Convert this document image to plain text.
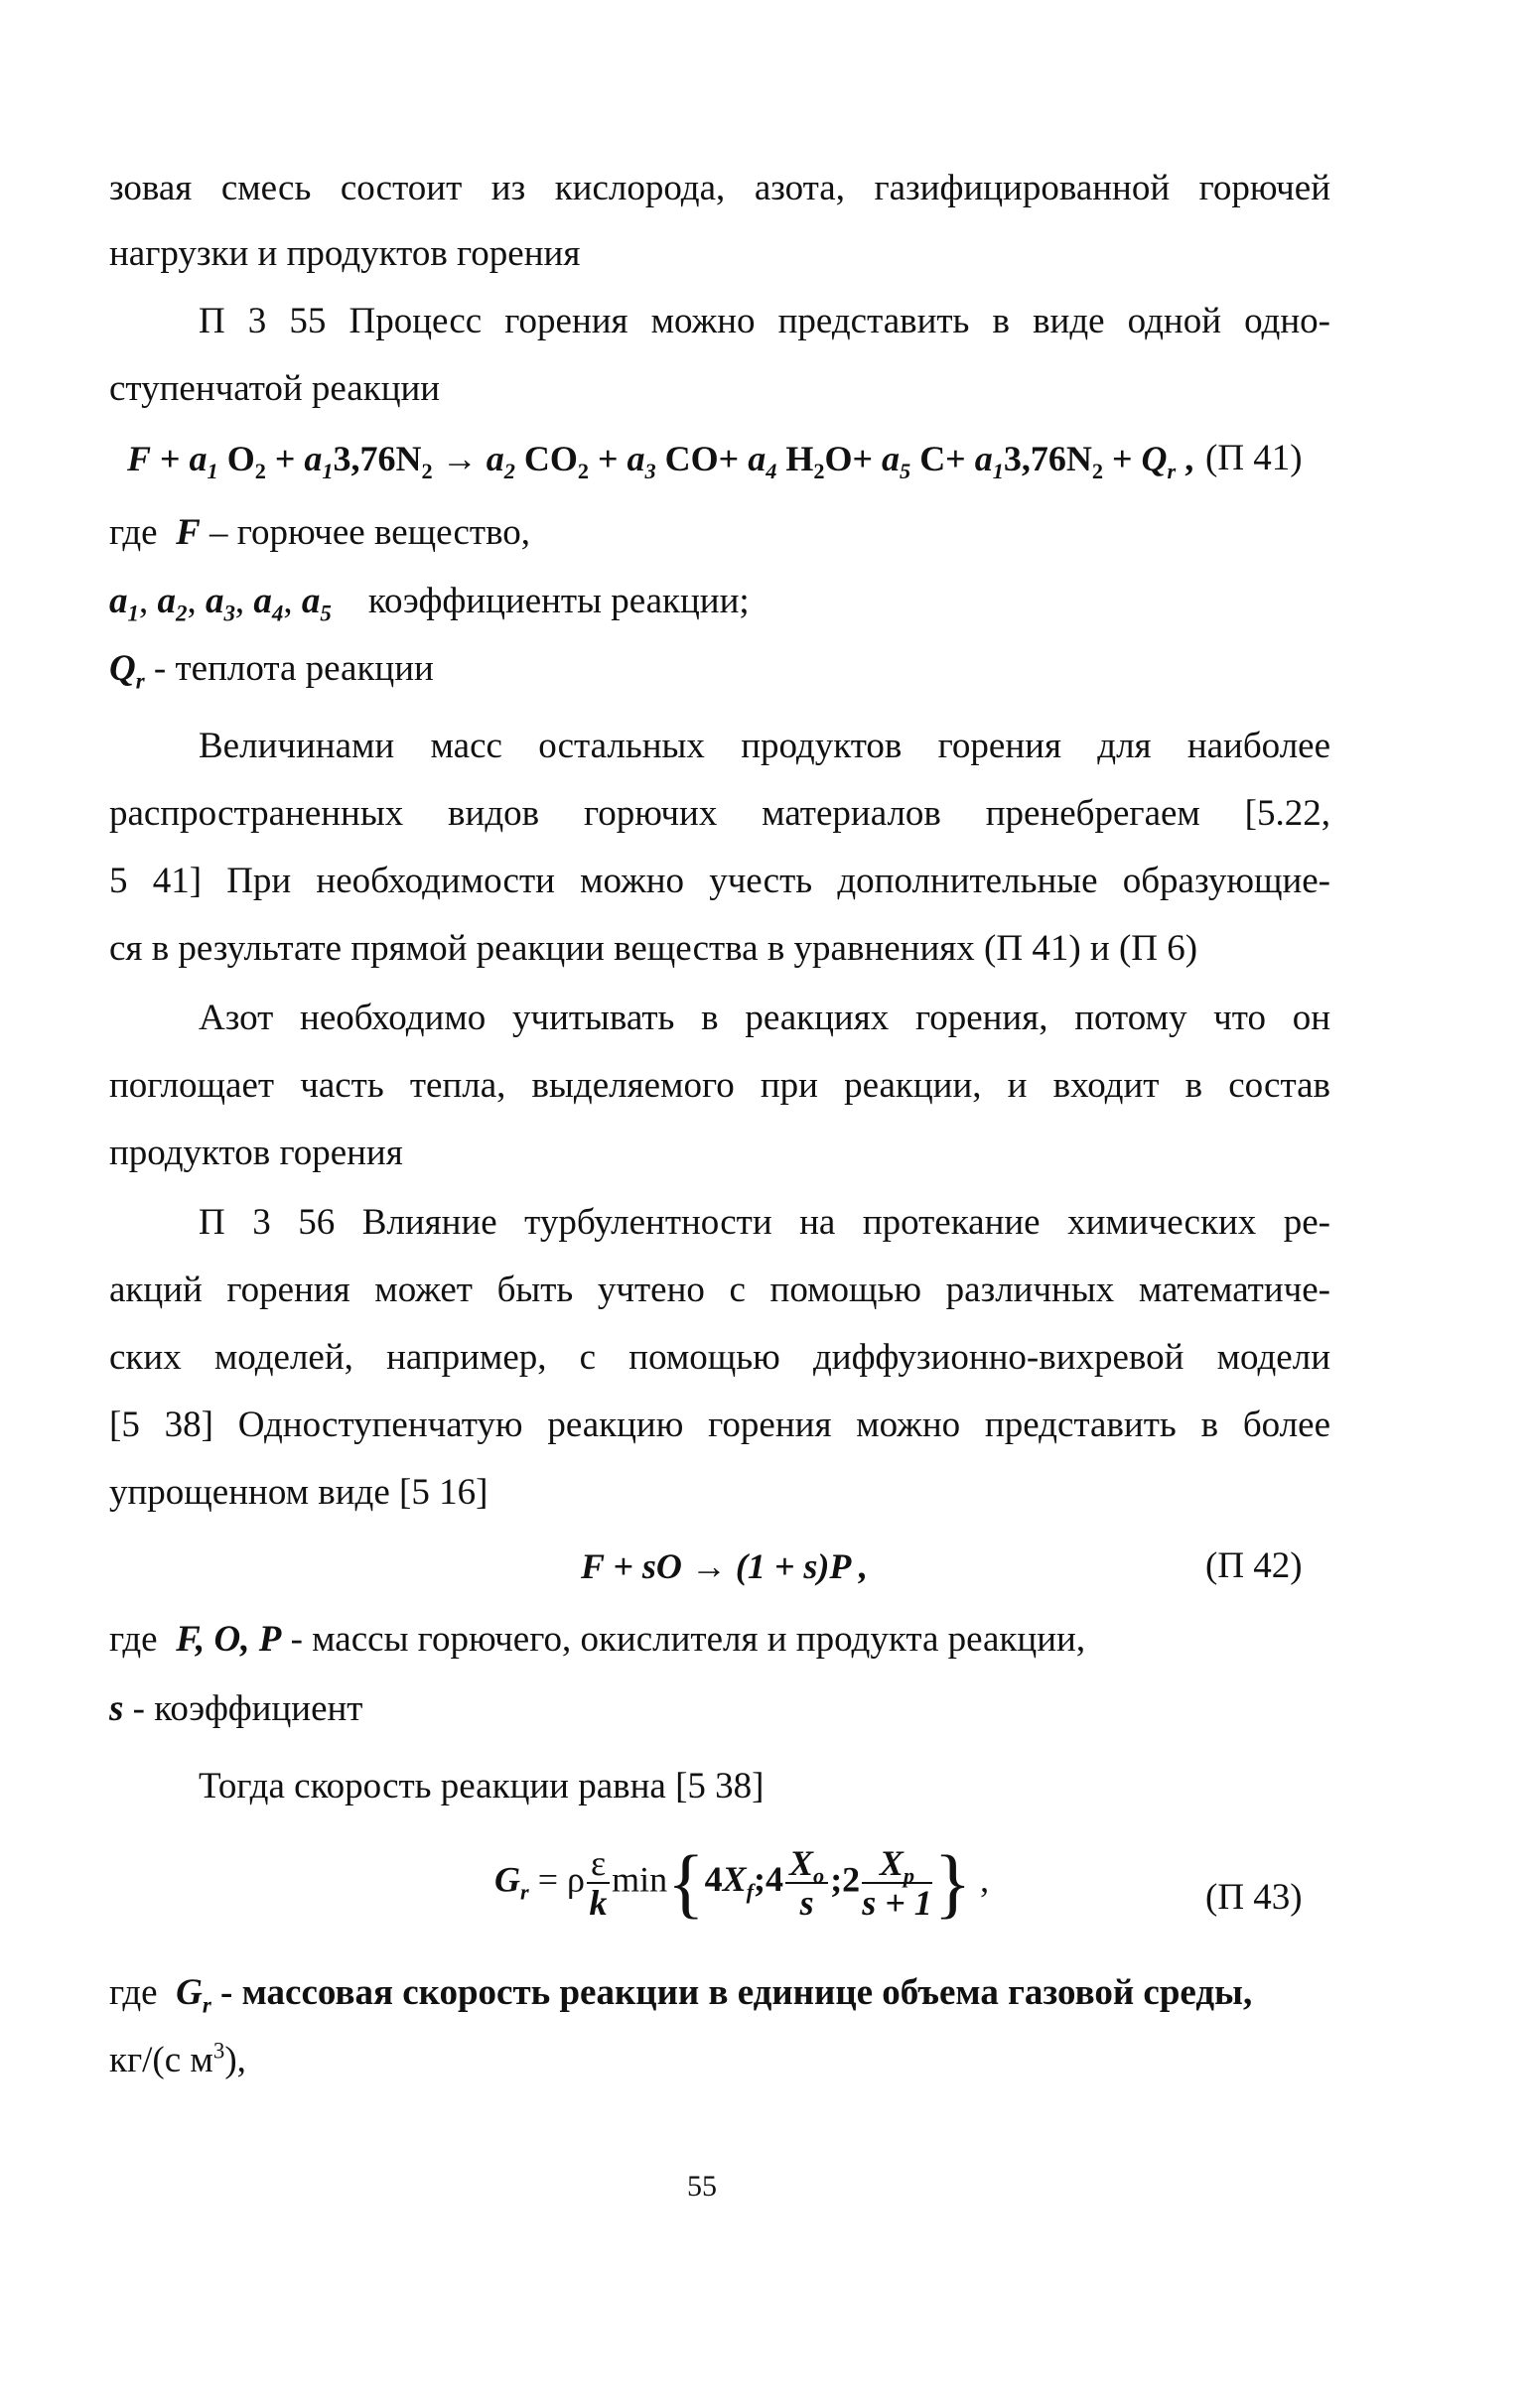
зовая смесь состоит из кислорода, азота, газифицированной горючей
нагрузки и продуктов горения
П 3 55 Процесс горения можно представить в виде одной одно-
ступенчатой реакции
$F + a_1$ $O_2 + a_13,76N_2 \to a_2$ $CO_2 + a_3$ $CO+ a_4$ $H_2O+ a_5$ $C+ a_13,76N_2 + Q_r$ , (П 41)
где F – горючее вещество,
$a_1$, $a_2$, $a_3$, $a_4$, $a_5$ коэффициенты реакции;
$Q_r$ - теплота реакции
Величинами масс остальных продуктов горения для наиболее
распространенных видов горючих материалов пренебрегаем [5.22,
5 41] При необходимости можно учесть дополнительные образующие-
ся в результате прямой реакции вещества в уравнениях (П 41) и (П 6)
Азот необходимо учитывать в реакциях горения, потому что он
поглощает часть тепла, выделяемого при реакции, и входит в состав
продуктов горения
П 3 56 Влияние турбулентности на протекание химических ре-
акций горения может быть учтено с помощью различных математиче-
ских моделей, например, с помощью диффузионно-вихревой модели
[5 38] Одноступенчатую реакцию горения можно представить в более
упрощенном виде [5 16]
F + sO → (1 + s)P ,	(П 42)
где F, O, P - массы горючего, окислителя и продукта реакции,
s - коэффициент
Тогда скорость реакции равна [5 38]
$G_r = \rho \frac{\varepsilon}{k}$ $\min\{4X_f;4 \frac{X_o}{s}$ ;2 $\frac{X_p}{s + 1}$ } ,	(П 43)
где $G_r$ - массовая скорость реакции в единице объема газовой среды,
кг/(с $м^3$),
55
